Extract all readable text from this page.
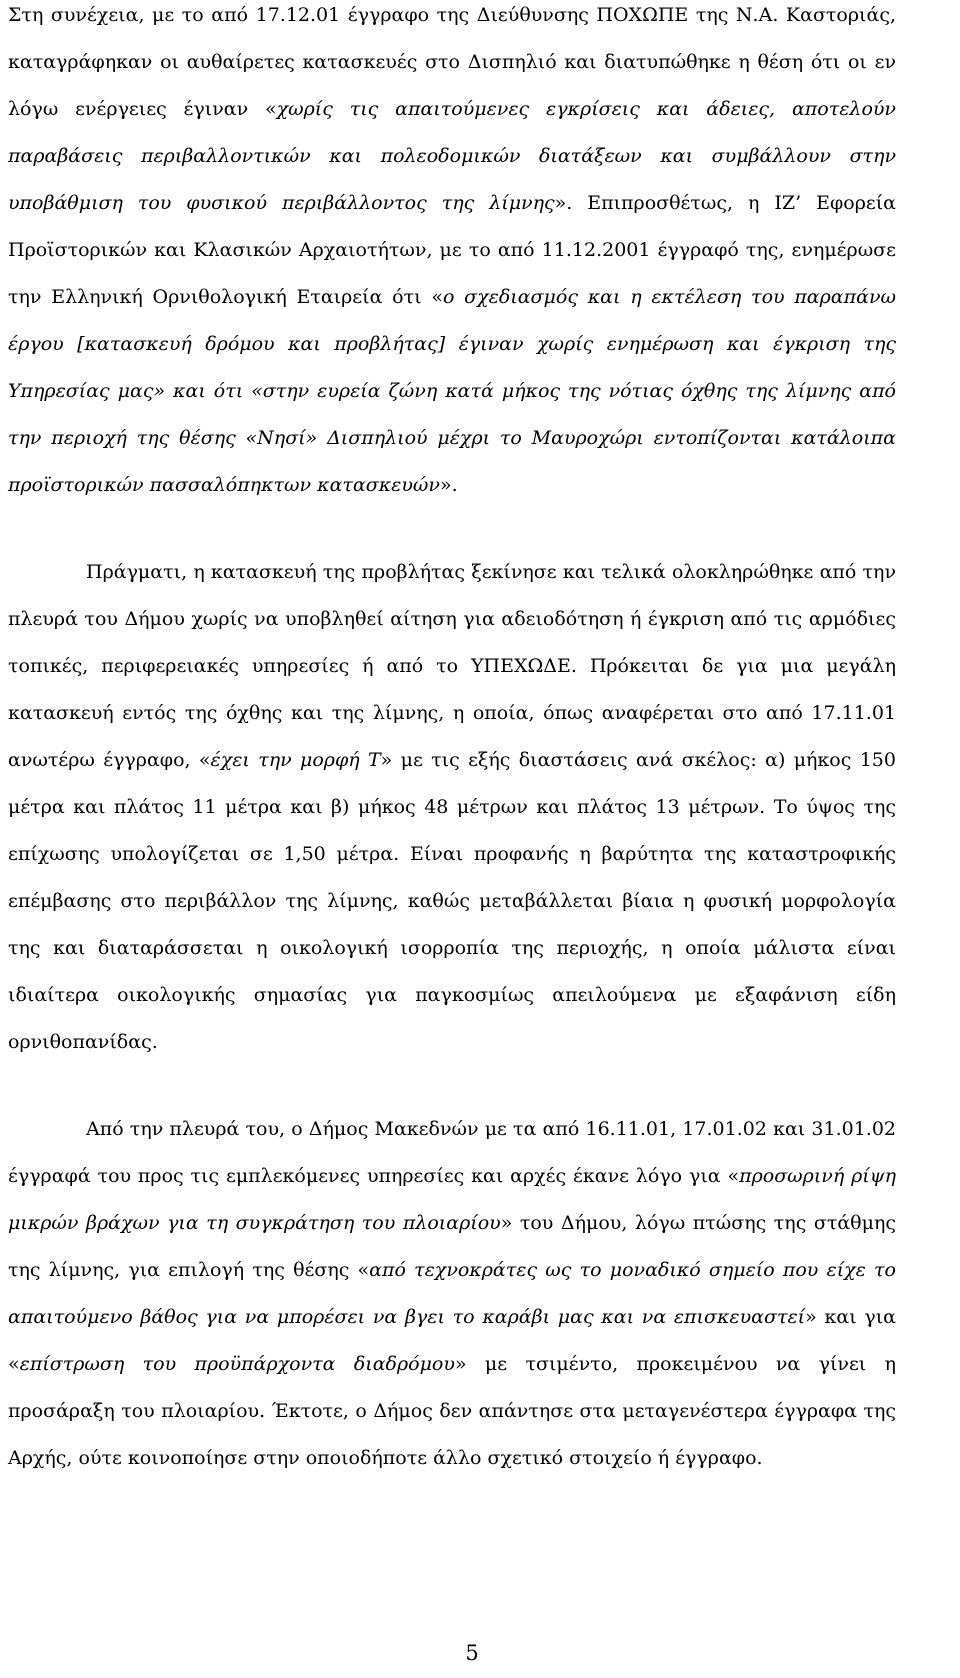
Στη συνέχεια, με το από 17.12.01 έγγραφο της Διεύθυνσης ΠΟΧΩΠΕ της Ν.Α. Καστοριάς, καταγράφηκαν οι αυθαίρετες κατασκευές στο Δισπηλιό και διατυπώθηκε η θέση ότι οι εν λόγω ενέργειες έγιναν «χωρίς τις απαιτούμενες εγκρίσεις και άδειες, αποτελούν παραβάσεις περιβαλλοντικών και πολεοδομικών διατάξεων και συμβάλλουν στην υποβάθμιση του φυσικού περιβάλλοντος της λίμνης». Επιπροσθέτως, η ΙΖ’ Εφορεία Προϊστορικών και Κλασικών Αρχαιοτήτων, με το από 11.12.2001 έγγραφό της, ενημέρωσε την Ελληνική Ορνιθολογική Εταιρεία ότι «ο σχεδιασμός και η εκτέλεση του παραπάνω έργου [κατασκευή δρόμου και προβλήτας] έγιναν χωρίς ενημέρωση και έγκριση της Υπηρεσίας μας» και ότι «στην ευρεία ζώνη κατά μήκος της νότιας όχθης της λίμνης από την περιοχή της θέσης «Νησί» Δισπηλιού μέχρι το Μαυροχώρι εντοπίζονται κατάλοιπα προϊστορικών πασσαλόπηκτων κατασκευών».

Πράγματι, η κατασκευή της προβλήτας ξεκίνησε και τελικά ολοκληρώθηκε από την πλευρά του Δήμου χωρίς να υποβληθεί αίτηση για αδειοδότηση ή έγκριση από τις αρμόδιες τοπικές, περιφερειακές υπηρεσίες ή από το ΥΠΕΧΩΔΕ. Πρόκειται δε για μια μεγάλη κατασκευή εντός της όχθης και της λίμνης, η οποία, όπως αναφέρεται στο από 17.11.01 ανωτέρω έγγραφο, «έχει την μορφή Τ» με τις εξής διαστάσεις ανά σκέλος: α) μήκος 150 μέτρα και πλάτος 11 μέτρα και β) μήκος 48 μέτρων και πλάτος 13 μέτρων. Το ύψος της επίχωσης υπολογίζεται σε 1,50 μέτρα. Είναι προφανής η βαρύτητα της καταστροφικής επέμβασης στο περιβάλλον της λίμνης, καθώς μεταβάλλεται βίαια η φυσική μορφολογία της και διαταράσσεται η οικολογική ισορροπία της περιοχής, η οποία μάλιστα είναι ιδιαίτερα οικολογικής σημασίας για παγκοσμίως απειλούμενα με εξαφάνιση είδη ορνιθοπανίδας.

Από την πλευρά του, ο Δήμος Μακεδνών με τα από 16.11.01, 17.01.02 και 31.01.02 έγγραφά του προς τις εμπλεκόμενες υπηρεσίες και αρχές έκανε λόγο για «προσωρινή ρίψη μικρών βράχων για τη συγκράτηση του πλοιαρίου» του Δήμου, λόγω πτώσης της στάθμης της λίμνης, για επιλογή της θέσης «από τεχνοκράτες ως το μοναδικό σημείο που είχε το απαιτούμενο βάθος για να μπορέσει να βγει το καράβι μας και να επισκευαστεί» και για «επίστρωση του προϋπάρχοντα διαδρόμου» με τσιμέντο, προκειμένου να γίνει η προσάραξη του πλοιαρίου. Έκτοτε, ο Δήμος δεν απάντησε στα μεταγενέστερα έγγραφα της Αρχής, ούτε κοινοποίησε στην οποιοδήποτε άλλο σχετικό στοιχείο ή έγγραφο.

5
